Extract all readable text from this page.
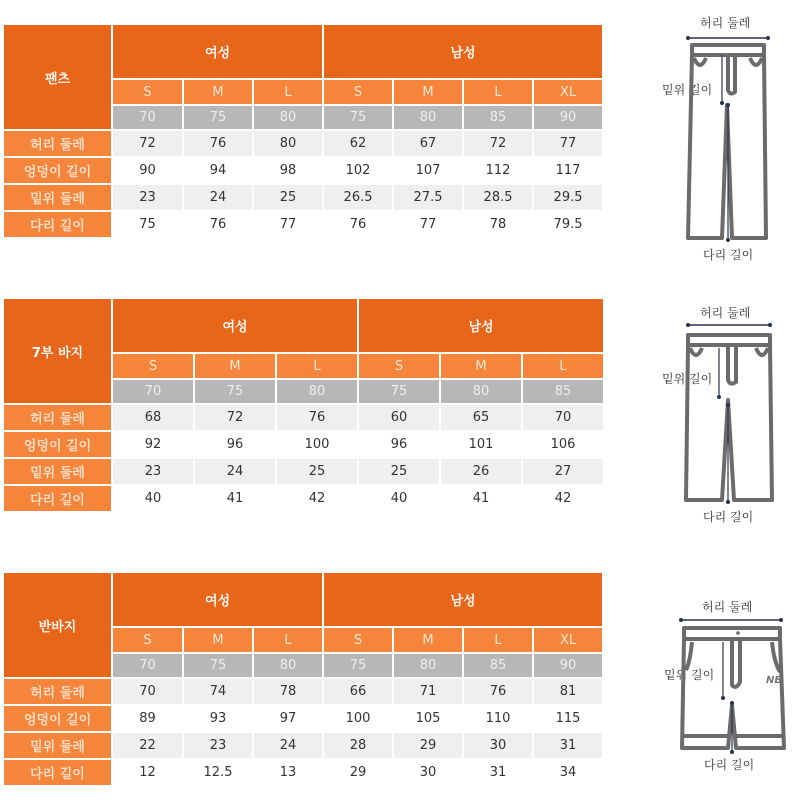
팬츠	여성			남성			
	S	M	L	S	M	L	XL
	70	75	80	75	80	85	90
허리 둘레	72	76	80	62	67	72	77
엉덩이 길이	90	94	98	102	107	112	117
밑위 둘레	23	24	25	26.5	27.5	28.5	29.5
다리 길이	75	76	77	76	77	78	79.5
7부 바지	여성			남성		
	S	M	L	S	M	L
	70	75	80	75	80	85
허리 둘레	68	72	76	60	65	70
엉덩이 길이	92	96	100	96	101	106
밑위 둘레	23	24	25	25	26	27
다리 길이	40	41	42	40	41	42
반바지	여성			남성			
	S	M	L	S	M	L	XL
	70	75	80	75	80	85	90
허리 둘레	70	74	78	66	71	76	81
엉덩이 길이	89	93	97	100	105	110	115
밑위 둘레	22	23	24	28	29	30	31
다리 길이	12	12.5	13	29	30	31	34
허리 둘레
밑위 길이
다리 길이
허리 둘레
밑위 길이
다리 길이
허리 둘레
밑위 길이
다리 길이
NB
